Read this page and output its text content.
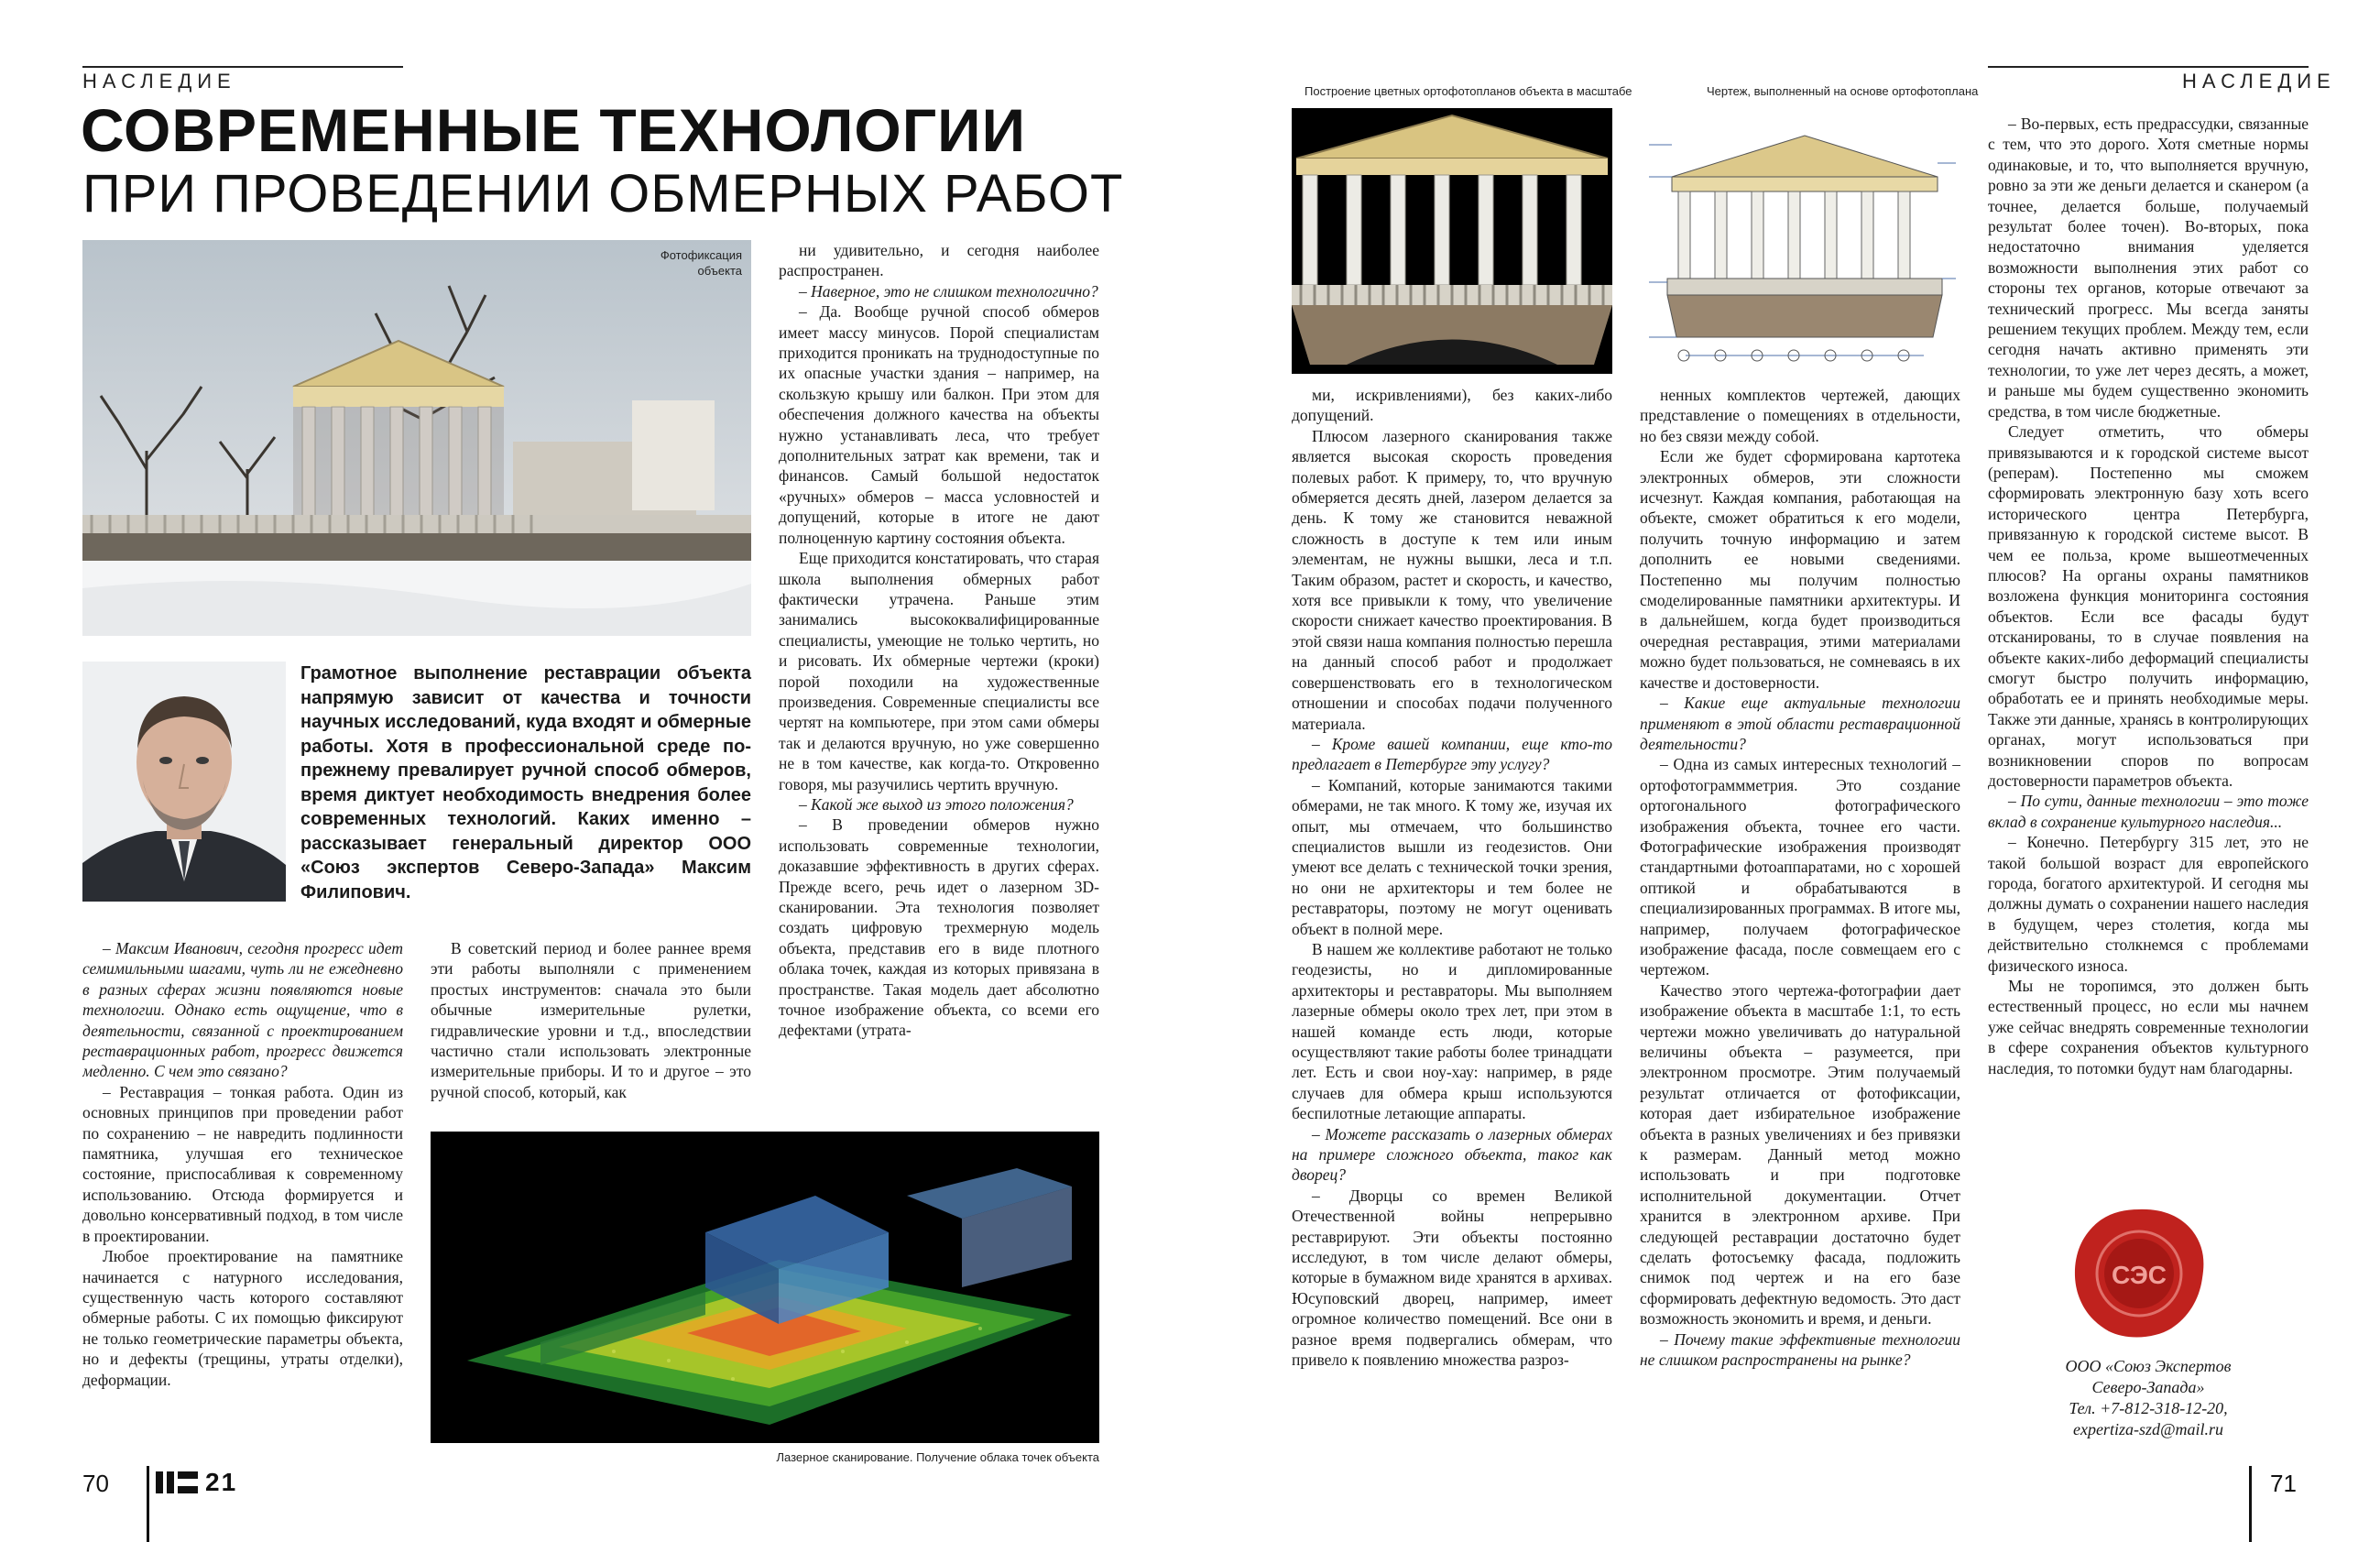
НАСЛЕДИЕ
СОВРЕМЕННЫЕ ТЕХНОЛОГИИ
ПРИ ПРОВЕДЕНИИ ОБМЕРНЫХ РАБОТ
Фотофиксация
объекта
Грамотное выполнение реставрации объекта напрямую зависит от качества и точности научных исследований, куда входят и обмерные работы. Хотя в профессиональной среде по-прежнему превалирует ручной способ обмеров, время диктует необходимость внедрения более современных технологий. Каких именно – рассказывает генеральный директор ООО «Союз экспертов Северо-Западa» Максим Филипович.

– Максим Иванович, сегодня прогресс идет семимильными шагами, чуть ли не ежедневно в разных сферах жизни появляются новые технологии. Однако есть ощущение, что в деятельности, связанной с проектированием реставрационных работ, прогресс движется медленно. С чем это связано?

– Реставрация – тонкая работа. Один из основных принципов при проведении работ по сохранению – не навредить подлинности памятника, улучшая его техническое состояние, приспосабливая к современному использованию. Отсюда формируется и довольно консервативный подход, в том числе в проектировании.

Любое проектирование на памятнике начинается с натурного исследования, существенную часть которого составляют обмерные работы. С их помощью фиксируют не только геометрические параметры объекта, но и дефекты (трещины, утраты отделки), деформации.

В советский период и более раннее время эти работы выполняли с применением простых инструментов: сначала это были обычные измерительные рулетки, гидравлические уровни и т.д., впоследствии частично стали использовать электронные измерительные приборы. И то и другое – это ручной способ, который, как

ни удивительно, и сегодня наиболее распространен.

– Наверное, это не слишком технологично?

– Да. Вообще ручной способ обмеров имеет массу минусов. Порой специалистам приходится проникать на труднодоступные по их опасные участки здания – например, на скользкую крышу или балкон. При этом для обеспечения должного качества на объекты нужно устанавливать леса, что требует дополнительных затрат как времени, так и финансов. Самый большой недостаток «ручных» обмеров – масса условностей и допущений, которые в итоге не дают полноценную картину состояния объекта.

Еще приходится констатировать, что старая школа выполнения обмерных работ фактически утрачена. Раньше этим занимались высококвалифицированные специалисты, умеющие не только чертить, но и рисовать. Их обмерные чертежи (кроки) порой походили на художественные произведения. Современные специалисты все чертят на компьютере, при этом сами обмеры так и делаются вручную, но уже совершенно не в том качестве, как когда-то. Откровенно говоря, мы разучились чертить вручную.

– Какой же выход из этого положения?

– В проведении обмеров нужно использовать современные технологии, доказавшие эффективность в других сферах. Прежде всего, речь идет о лазерном 3D-сканировании. Эта технология позволяет создать цифровую трехмерную модель объекта, представив его в виде плотного облака точек, каждая из которых привязана в пространстве. Такая модель дает абсолютно точное изображение объекта, со всеми его дефектами (утрата-

Лазерное сканирование. Получение облака точек объекта
70	21
Построение цветных ортофотопланов объекта в масштабе	Чертеж, выполненный на основе ортофотоплана	НАСЛЕДИЕ

ми, искривлениями), без каких-либо допущений.

Плюсом лазерного сканирования также является высокая скорость проведения полевых работ. К примеру, то, что вручную обмеряется десять дней, лазером делается за день. К тому же становится неважной сложность в доступе к тем или иным элементам, не нужны вышки, леса и т.п. Таким образом, растет и скорость, и качество, хотя все привыкли к тому, что увеличение скорости снижает качество проектирования. В этой связи наша компания полностью перешла на данный способ работ и продолжает совершенствовать его в технологическом отношении и способах подачи полученного материала.

– Кроме вашей компании, еще кто-то предлагает в Петербурге эту услугу?

– Компаний, которые занимаются такими обмерами, не так много. К тому же, изучая их опыт, мы отмечаем, что большинство специалистов вышли из геодезистов. Они умеют все делать с технической точки зрения, но они не архитекторы и тем более не реставраторы, поэтому не могут оценивать объект в полной мере.

В нашем же коллективе работают не только геодезисты, но и дипломированные архитекторы и реставраторы. Мы выполняем лазерные обмеры около трех лет, при этом в нашей команде есть люди, которые осуществляют такие работы более тринадцати лет. Есть и свои ноу-хау: например, в ряде случаев для обмера крыш используются беспилотные летающие аппараты.

– Можете рассказать о лазерных обмерах на примере сложного объекта, таког как дворец?

– Дворцы со времен Великой Отечественной войны непрерывно реставрируют. Эти объекты постоянно исследуют, в том числе делают обмеры, которые в бумажном виде хранятся в архивах. Юсуповский дворец, например, имеет огромное количество помещений. Все они в разное время подвергались обмерам, что привело к появлению множества разроз-

ненных комплектов чертежей, дающих представление о помещениях в отдельности, но без связи между собой.

Если же будет сформирована картотека электронных обмеров, эти сложности исчезнут. Каждая компания, работающая на объекте, сможет обратиться к его модели, получить точную информацию и затем дополнить ее новыми сведениями. Постепенно мы получим полностью смоделированные памятники архитектуры. И в дальнейшем, когда будет производиться очередная реставрация, этими материалами можно будет пользоваться, не сомневаясь в их качестве и достоверности.

– Какие еще актуальные технологии применяют в этой области реставрационной деятельности?

– Одна из самых интересных технологий – ортофотограммметрия. Это создание ортогонального фотографического изображения объекта, точнее его части. Фотографические изображения производят стандартными фотоаппаратами, но с хорошей оптикой и обрабатываются в специализированных программах. В итоге мы, например, получаем фотографическое изображение фасада, после совмещаем его с чертежом.

Качество этого чертежа-фотографии дает изображение объекта в масштабе 1:1, то есть чертежи можно увеличивать до натуральной величины объекта – разумеется, при электронном просмотре. Этим получаемый результат отличается от фотофиксации, которая дает избирательное изображение объекта в разных увеличениях и без привязки к размерам. Данный метод можно использовать и при подготовке исполнительной документации. Отчет хранится в электронном архиве. При следующей реставрации достаточно будет сделать фотосъемку фасада, подложить снимок под чертеж и на его базе сформировать дефектную ведомость. Это даст возможность экономить и время, и деньги.

– Почему такие эффективные технологии не слишком распространены на рынке?

– Во-первых, есть предрассудки, связанные с тем, что это дорого. Хотя сметные нормы одинаковые, и то, что выполняется вручную, ровно за эти же деньги делается и сканером (а точнее, делается больше, получаемый результат более точен). Во-вторых, пока недостаточно внимания уделяется возможности выполнения этих работ со стороны тех органов, которые отвечают за технический прогресс. Мы всегда заняты решением текущих проблем. Между тем, если сегодня начать активно применять эти технологии, то уже лет через десять, а может, и раньше мы будем существенно экономить средства, в том числе бюджетные.

Следует отметить, что обмеры привязываются и к городской системе высот (реперам). Постепенно мы сможем сформировать электронную базу хоть всего исторического центра Петербурга, привязанную к городской системе высот. В чем ее польза, кроме вышеотмеченных плюсов? На органы охраны памятников возложена функция мониторинга состояния объектов. Если все фасады будут отсканированы, то в случае появления на объекте каких-либо деформаций специалисты смогут быстро получить информацию, обработать ее и принять необходимые меры. Также эти данные, хранясь в контролирующих органах, могут использоваться при возникновении споров по вопросам достоверности параметров объекта.

– По сути, данные технологии – это тоже вклад в сохранение культурного наследия...

– Конечно. Петербургу 315 лет, это не такой большой возраст для европейского города, богатого архитектурой. И сегодня мы должны думать о сохранении нашего наследия в будущем, через столетия, когда мы действительно столкнемся с проблемами физического износа.

Мы не торопимся, это должен быть естественный процесс, но если мы начнем уже сейчас внедрять современные технологии в сфере сохранения объектов культурного наследия, то потомки будут нам благодарны.

СЭС
ООО «Союз Экспертов
Северо-Запада»
Тел. +7-812-318-12-20,
expertiza-szd@mail.ru
71
